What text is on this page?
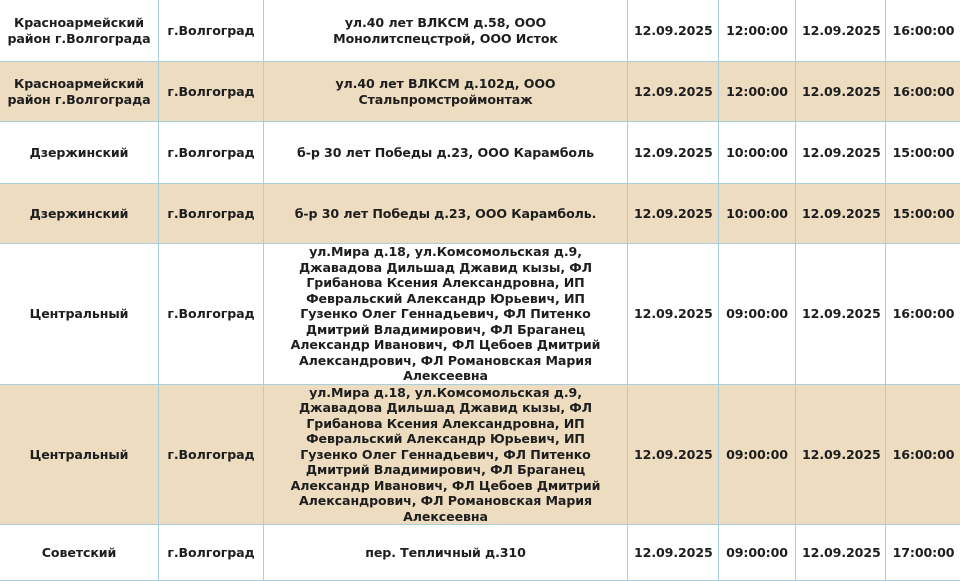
Красноармейский район г.Волгограда	г.Волгоград	ул.40 лет ВЛКСМ д.58, ООО Монолитспецстрой, ООО Исток	12.09.2025	12:00:00	12.09.2025	16:00:00
Красноармейский район г.Волгограда	г.Волгоград	ул.40 лет ВЛКСМ д.102д, ООО Стальпромстроймонтаж	12.09.2025	12:00:00	12.09.2025	16:00:00
Дзержинский	г.Волгоград	б-р 30 лет Победы д.23, ООО Карамболь	12.09.2025	10:00:00	12.09.2025	15:00:00
Дзержинский	г.Волгоград	б-р 30 лет Победы д.23, ООО Карамболь.	12.09.2025	10:00:00	12.09.2025	15:00:00
Центральный	г.Волгоград	ул.Мира д.18, ул.Комсомольская д.9, Джавадова Дильшад Джавид кызы, ФЛ Грибанова Ксения Александровна, ИП Февральский Александр Юрьевич, ИП Гузенко Олег Геннадьевич, ФЛ Питенко Дмитрий Владимирович, ФЛ Браганец Александр Иванович, ФЛ Цебоев Дмитрий Александрович, ФЛ Романовская Мария Алексеевна	12.09.2025	09:00:00	12.09.2025	16:00:00
Центральный	г.Волгоград	ул.Мира д.18, ул.Комсомольская д.9, Джавадова Дильшад Джавид кызы, ФЛ Грибанова Ксения Александровна, ИП Февральский Александр Юрьевич, ИП Гузенко Олег Геннадьевич, ФЛ Питенко Дмитрий Владимирович, ФЛ Браганец Александр Иванович, ФЛ Цебоев Дмитрий Александрович, ФЛ Романовская Мария Алексеевна	12.09.2025	09:00:00	12.09.2025	16:00:00
Советский	г.Волгоград	пер. Тепличный д.310	12.09.2025	09:00:00	12.09.2025	17:00:00
